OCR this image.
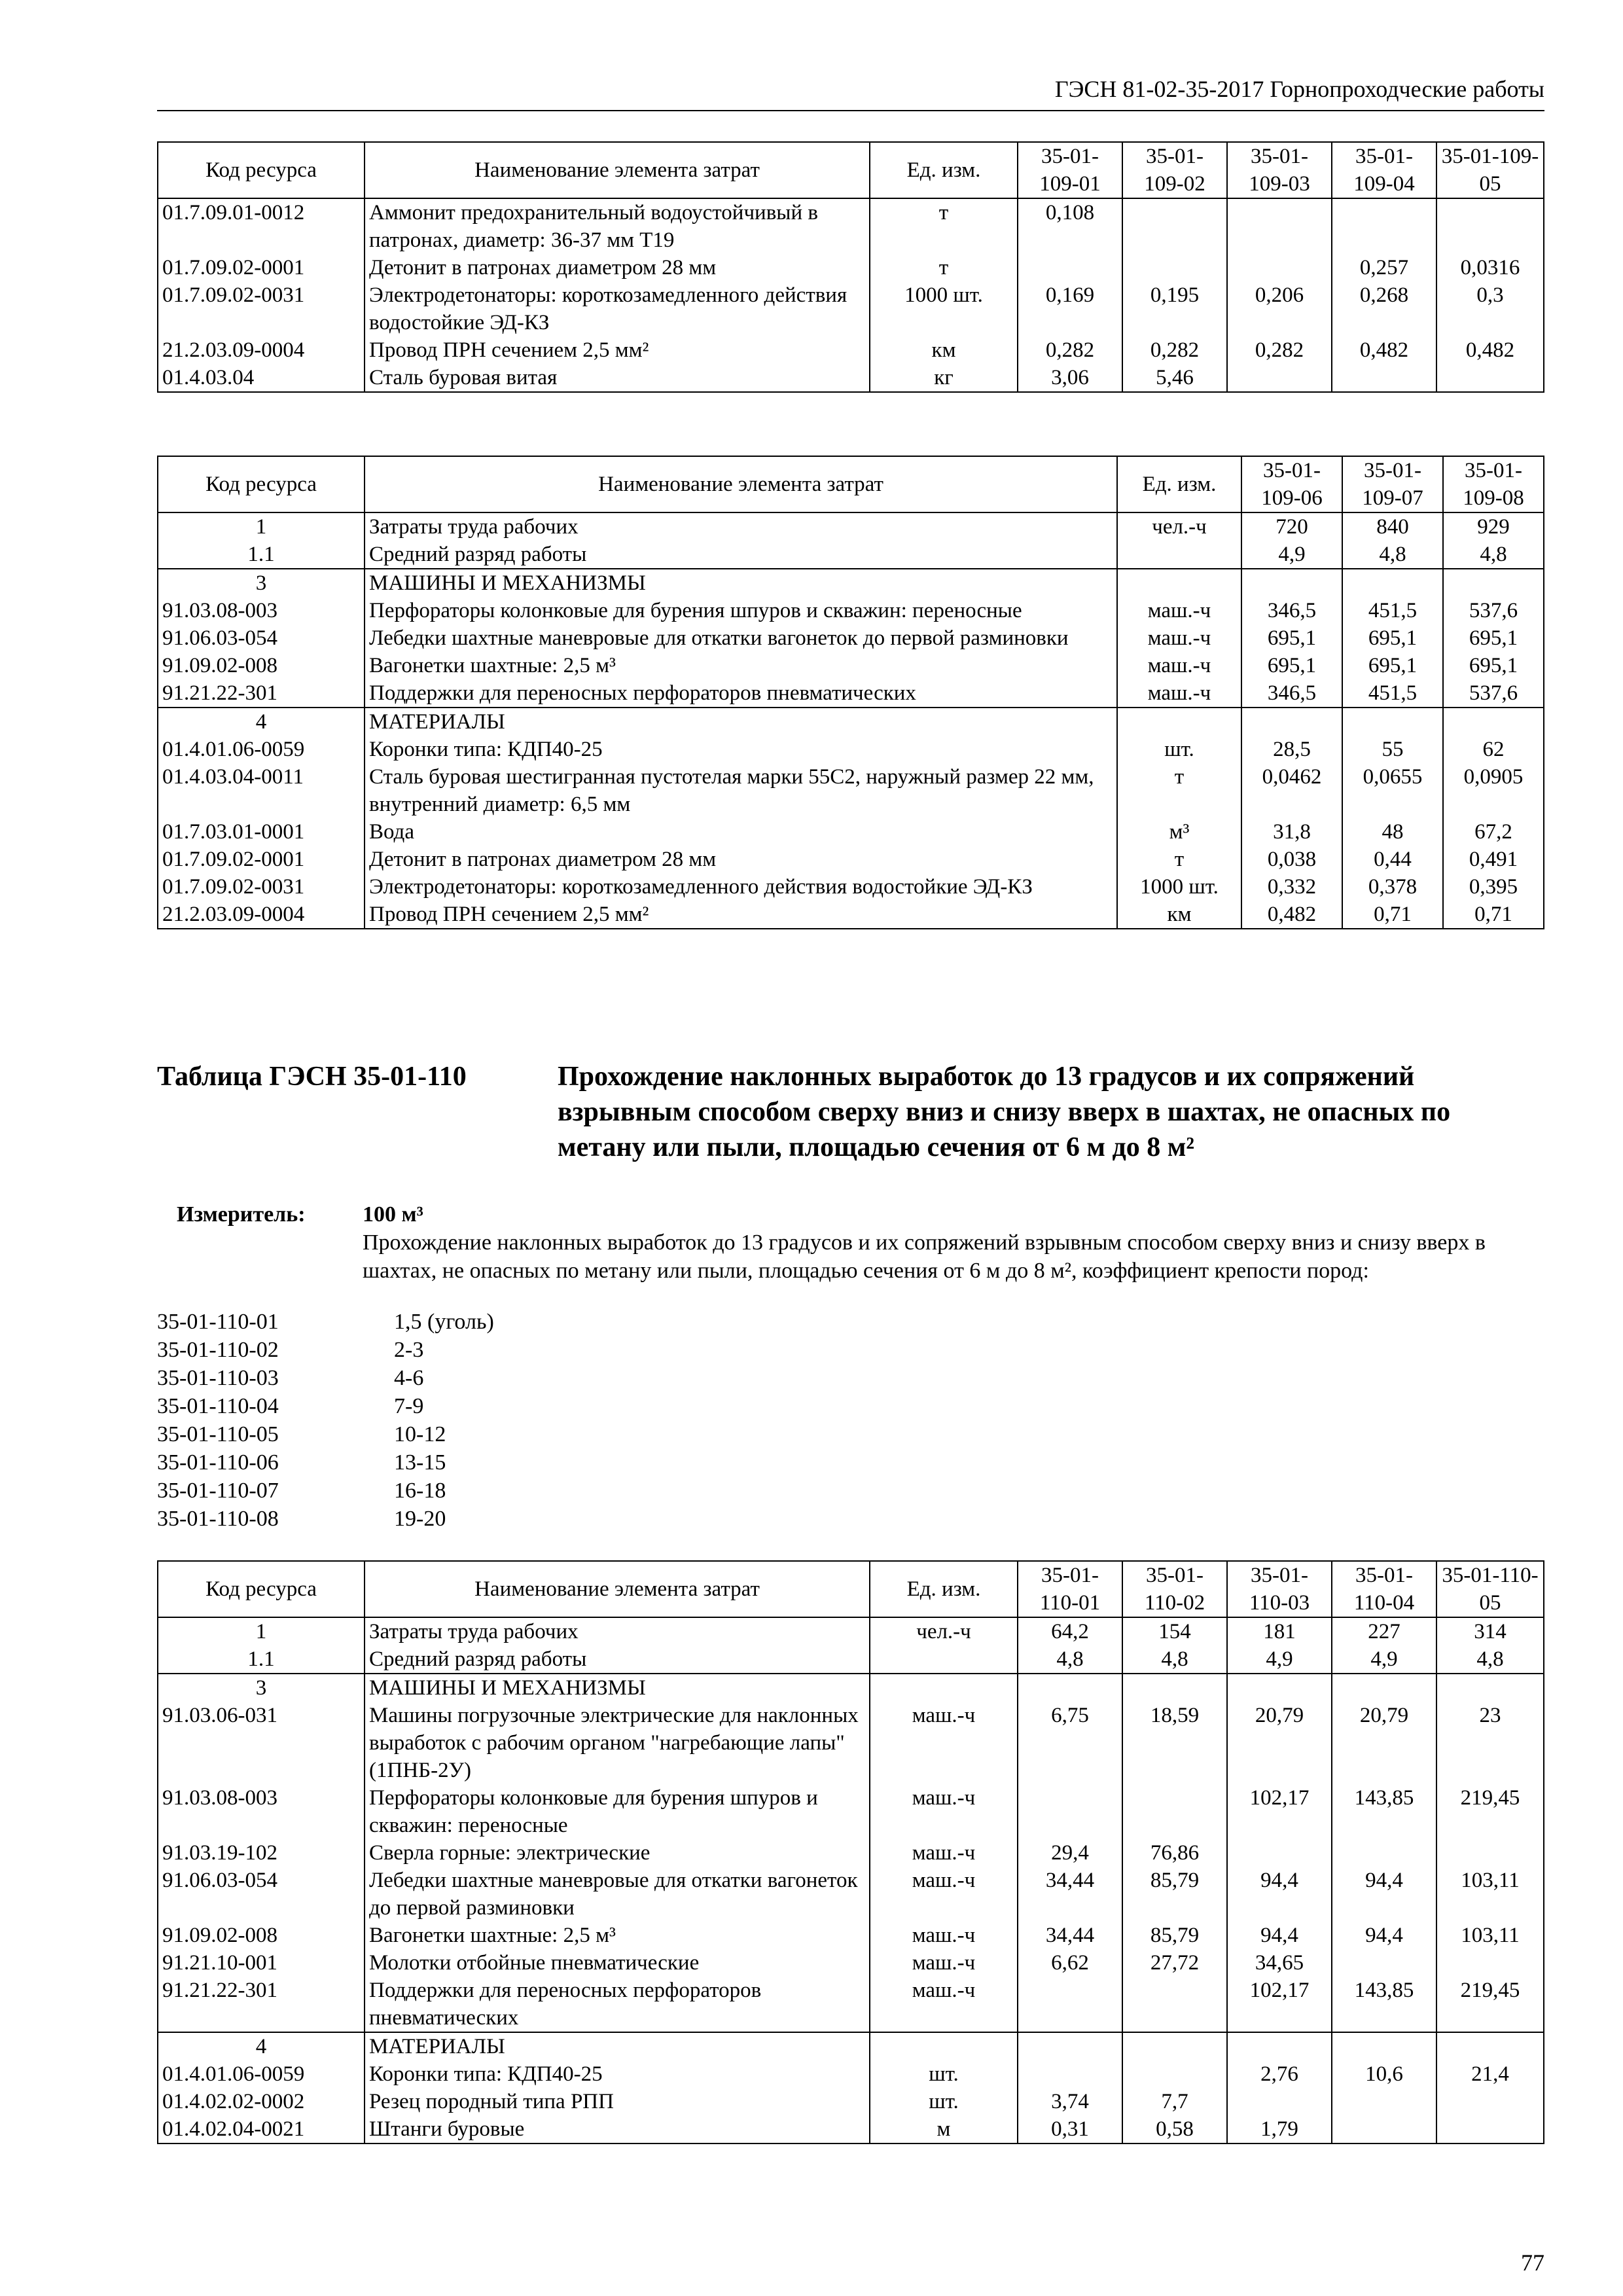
ГЭСН 81-02-35-2017 Горнопроходческие работы
Код ресурса	Наименование элемента затрат	Ед. изм.	35-01-109-01	35-01-109-02	35-01-109-03	35-01-109-04	35-01-109-05
01.7.09.01-0012	Аммонит предохранительный водоустойчивый в патронах, диаметр: 36-37 мм Т19	т	0,108				
01.7.09.02-0001	Детонит в патронах диаметром 28 мм	т				0,257	0,0316
01.7.09.02-0031	Электродетонаторы: короткозамедленного действия водостойкие ЭД-КЗ	1000 шт.	0,169	0,195	0,206	0,268	0,3
21.2.03.09-0004	Провод ПРН сечением 2,5 мм²	км	0,282	0,282	0,282	0,482	0,482
01.4.03.04	Сталь буровая витая	кг	3,06	5,46			
Код ресурса	Наименование элемента затрат	Ед. изм.	35-01-109-06	35-01-109-07	35-01-109-08
1	Затраты труда рабочих	чел.-ч	720	840	929
1.1	Средний разряд работы		4,9	4,8	4,8
3	МАШИНЫ И МЕХАНИЗМЫ				
91.03.08-003	Перфораторы колонковые для бурения шпуров и скважин: переносные	маш.-ч	346,5	451,5	537,6
91.06.03-054	Лебедки шахтные маневровые для откатки вагонеток до первой разминовки	маш.-ч	695,1	695,1	695,1
91.09.02-008	Вагонетки шахтные: 2,5 м³	маш.-ч	695,1	695,1	695,1
91.21.22-301	Поддержки для переносных перфораторов пневматических	маш.-ч	346,5	451,5	537,6
4	МАТЕРИАЛЫ				
01.4.01.06-0059	Коронки типа: КДП40-25	шт.	28,5	55	62
01.4.03.04-0011	Сталь буровая шестигранная пустотелая марки 55С2, наружный размер 22 мм, внутренний диаметр: 6,5 мм	т	0,0462	0,0655	0,0905
01.7.03.01-0001	Вода	м³	31,8	48	67,2
01.7.09.02-0001	Детонит в патронах диаметром 28 мм	т	0,038	0,44	0,491
01.7.09.02-0031	Электродетонаторы: короткозамедленного действия водостойкие ЭД-КЗ	1000 шт.	0,332	0,378	0,395
21.2.03.09-0004	Провод ПРН сечением 2,5 мм²	км	0,482	0,71	0,71
Таблица ГЭСН 35-01-110	Прохождение наклонных выработок до 13 градусов и их сопряжений взрывным способом сверху вниз и снизу вверх в шахтах, не опасных по метану или пыли, площадью сечения от 6 м до 8 м²
Измеритель:	100 м³
Прохождение наклонных выработок до 13 градусов и их сопряжений взрывным способом сверху вниз и снизу вверх в шахтах, не опасных по метану или пыли, площадью сечения от 6 м до 8 м², коэффициент крепости пород:
35-01-110-01	1,5 (уголь)
35-01-110-02	2-3
35-01-110-03	4-6
35-01-110-04	7-9
35-01-110-05	10-12
35-01-110-06	13-15
35-01-110-07	16-18
35-01-110-08	19-20
Код ресурса	Наименование элемента затрат	Ед. изм.	35-01-110-01	35-01-110-02	35-01-110-03	35-01-110-04	35-01-110-05
1	Затраты труда рабочих	чел.-ч	64,2	154	181	227	314
1.1	Средний разряд работы		4,8	4,8	4,9	4,9	4,8
3	МАШИНЫ И МЕХАНИЗМЫ						
91.03.06-031	Машины погрузочные электрические для наклонных выработок с рабочим органом "нагребающие лапы" (1ПНБ-2У)	маш.-ч	6,75	18,59	20,79	20,79	23
91.03.08-003	Перфораторы колонковые для бурения шпуров и скважин: переносные	маш.-ч			102,17	143,85	219,45
91.03.19-102	Сверла горные: электрические	маш.-ч	29,4	76,86			
91.06.03-054	Лебедки шахтные маневровые для откатки вагонеток до первой разминовки	маш.-ч	34,44	85,79	94,4	94,4	103,11
91.09.02-008	Вагонетки шахтные: 2,5 м³	маш.-ч	34,44	85,79	94,4	94,4	103,11
91.21.10-001	Молотки отбойные пневматические	маш.-ч	6,62	27,72	34,65		
91.21.22-301	Поддержки для переносных перфораторов пневматических	маш.-ч			102,17	143,85	219,45
4	МАТЕРИАЛЫ						
01.4.01.06-0059	Коронки типа: КДП40-25	шт.			2,76	10,6	21,4
01.4.02.02-0002	Резец породный типа РПП	шт.	3,74	7,7			
01.4.02.04-0021	Штанги буровые	м	0,31	0,58	1,79		
77
